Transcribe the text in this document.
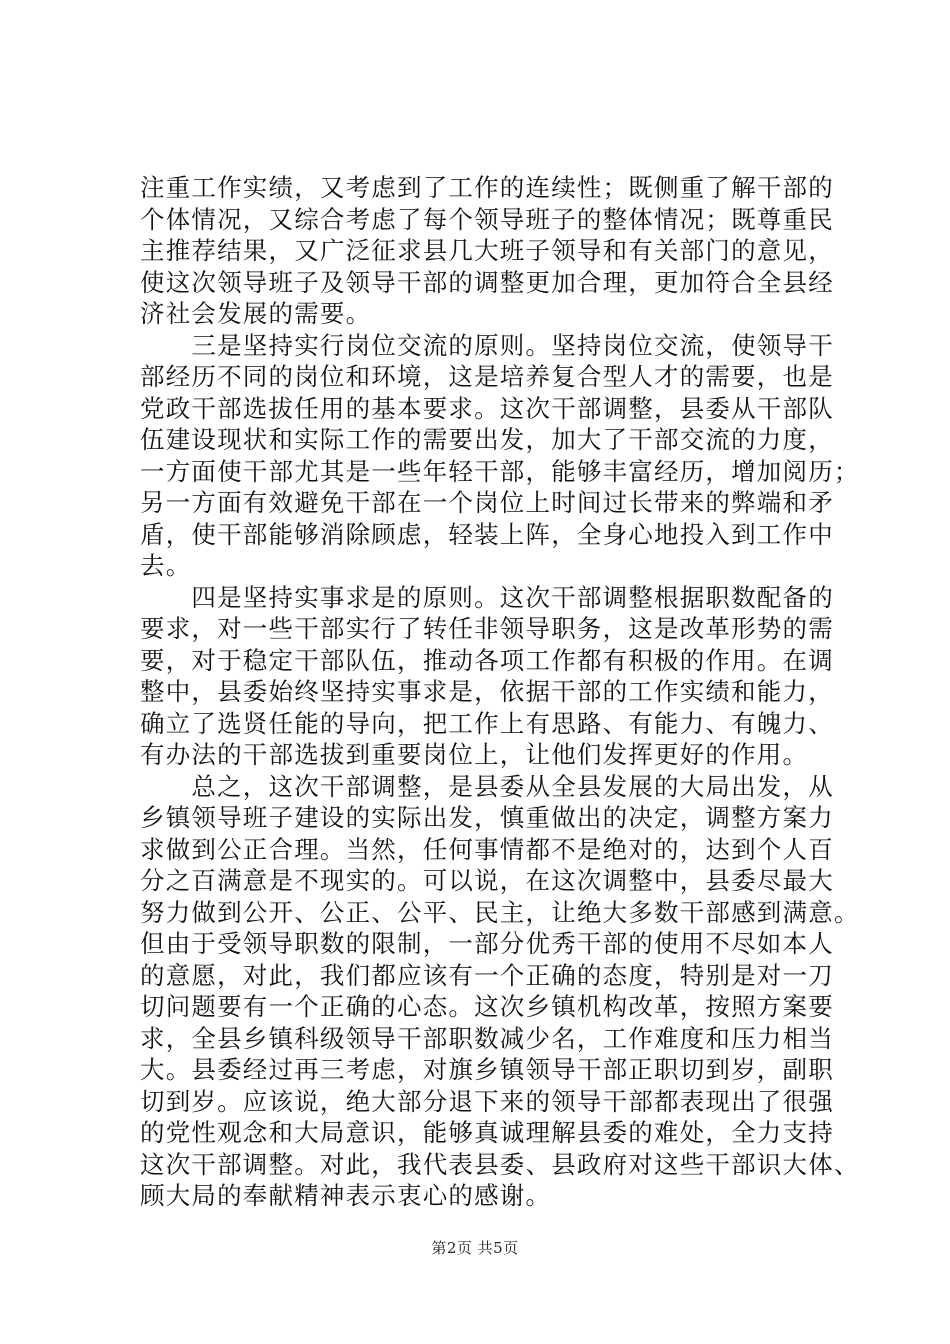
注重工作实绩，又考虑到了工作的连续性；既侧重了解干部的
个体情况，又综合考虑了每个领导班子的整体情况；既尊重民
主推荐结果，又广泛征求县几大班子领导和有关部门的意见，
使这次领导班子及领导干部的调整更加合理，更加符合全县经
济社会发展的需要。
　　三是坚持实行岗位交流的原则。坚持岗位交流，使领导干
部经历不同的岗位和环境，这是培养复合型人才的需要，也是
党政干部选拔任用的基本要求。这次干部调整，县委从干部队
伍建设现状和实际工作的需要出发，加大了干部交流的力度，
一方面使干部尤其是一些年轻干部，能够丰富经历，增加阅历；
另一方面有效避免干部在一个岗位上时间过长带来的弊端和矛
盾，使干部能够消除顾虑，轻装上阵，全身心地投入到工作中
去。
　　四是坚持实事求是的原则。这次干部调整根据职数配备的
要求，对一些干部实行了转任非领导职务，这是改革形势的需
要，对于稳定干部队伍，推动各项工作都有积极的作用。在调
整中，县委始终坚持实事求是，依据干部的工作实绩和能力，
确立了选贤任能的导向，把工作上有思路、有能力、有魄力、
有办法的干部选拔到重要岗位上，让他们发挥更好的作用。
　　总之，这次干部调整，是县委从全县发展的大局出发，从
乡镇领导班子建设的实际出发，慎重做出的决定，调整方案力
求做到公正合理。当然，任何事情都不是绝对的，达到个人百
分之百满意是不现实的。可以说，在这次调整中，县委尽最大
努力做到公开、公正、公平、民主，让绝大多数干部感到满意。
但由于受领导职数的限制，一部分优秀干部的使用不尽如本人
的意愿，对此，我们都应该有一个正确的态度，特别是对一刀
切问题要有一个正确的心态。这次乡镇机构改革，按照方案要
求，全县乡镇科级领导干部职数减少名，工作难度和压力相当
大。县委经过再三考虑，对旗乡镇领导干部正职切到岁，副职
切到岁。应该说，绝大部分退下来的领导干部都表现出了很强
的党性观念和大局意识，能够真诚理解县委的难处，全力支持
这次干部调整。对此，我代表县委、县政府对这些干部识大体、
顾大局的奉献精神表示衷心的感谢。
第2页 共5页
